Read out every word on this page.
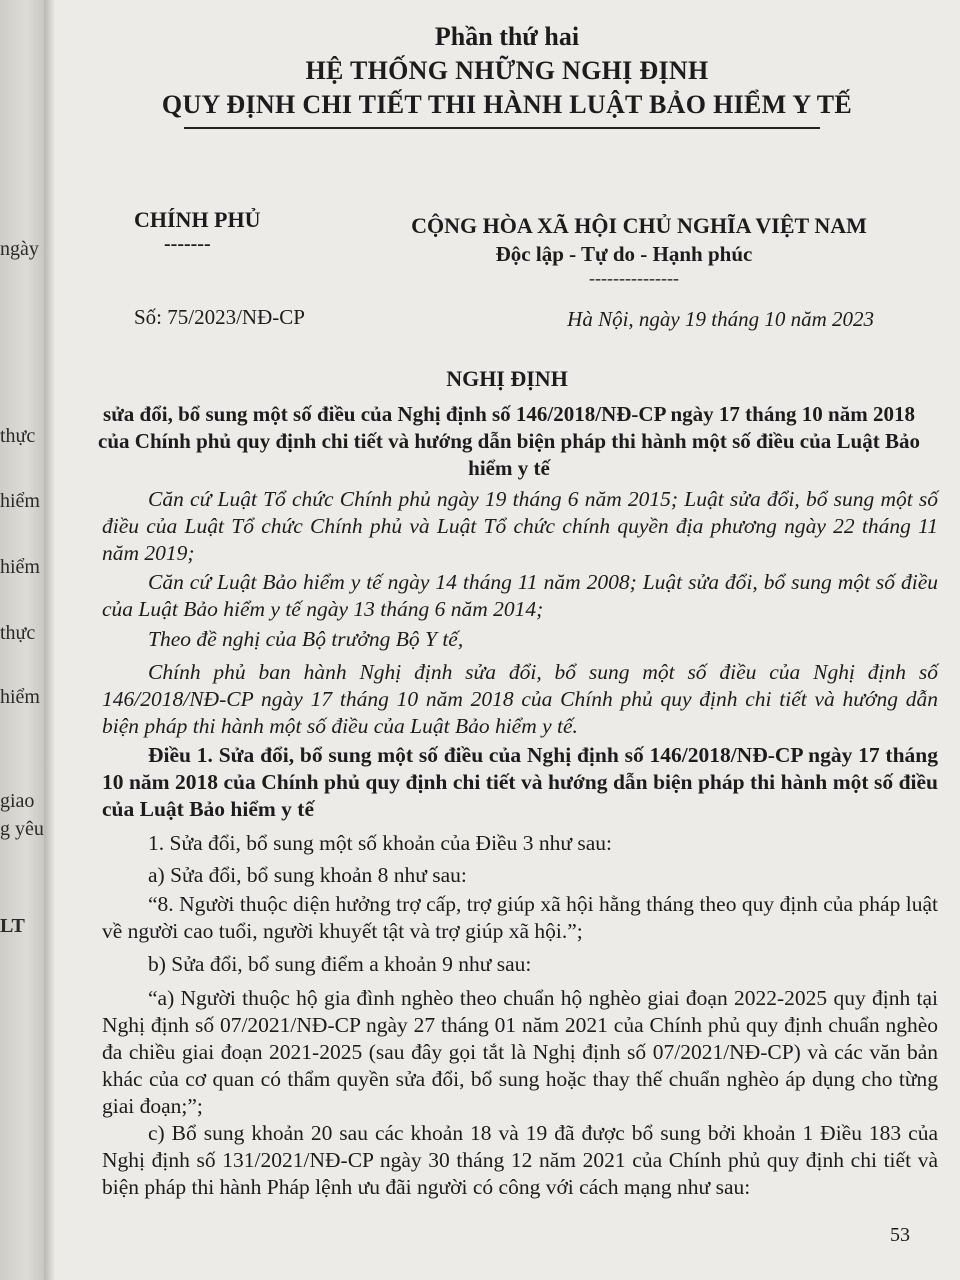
ngày
thực
hiểm
hiểm
thực
hiểm
giao
g yêu
LT
Phần thứ hai
HỆ THỐNG NHỮNG NGHỊ ĐỊNH
QUY ĐỊNH CHI TIẾT THI HÀNH LUẬT BẢO HIỂM Y TẾ
CHÍNH PHỦ
-------
CỘNG HÒA XÃ HỘI CHỦ NGHĨA VIỆT NAM
Độc lập - Tự do - Hạnh phúc
---------------
Số: 75/2023/NĐ-CP	Hà Nội, ngày 19 tháng 10 năm 2023
NGHỊ ĐỊNH
sửa đổi, bổ sung một số điều của Nghị định số 146/2018/NĐ-CP ngày 17 tháng 10 năm 2018 của Chính phủ quy định chi tiết và hướng dẫn biện pháp thi hành một số điều của Luật Bảo hiểm y tế
Căn cứ Luật Tổ chức Chính phủ ngày 19 tháng 6 năm 2015; Luật sửa đổi, bổ sung một số điều của Luật Tổ chức Chính phủ và Luật Tổ chức chính quyền địa phương ngày 22 tháng 11 năm 2019;
Căn cứ Luật Bảo hiểm y tế ngày 14 tháng 11 năm 2008; Luật sửa đổi, bổ sung một số điều của Luật Bảo hiểm y tế ngày 13 tháng 6 năm 2014;
Theo đề nghị của Bộ trưởng Bộ Y tế,
Chính phủ ban hành Nghị định sửa đổi, bổ sung một số điều của Nghị định số 146/2018/NĐ-CP ngày 17 tháng 10 năm 2018 của Chính phủ quy định chi tiết và hướng dẫn biện pháp thi hành một số điều của Luật Bảo hiểm y tế.
Điều 1. Sửa đổi, bổ sung một số điều của Nghị định số 146/2018/NĐ-CP ngày 17 tháng 10 năm 2018 của Chính phủ quy định chi tiết và hướng dẫn biện pháp thi hành một số điều của Luật Bảo hiểm y tế
1. Sửa đổi, bổ sung một số khoản của Điều 3 như sau:
a) Sửa đổi, bổ sung khoản 8 như sau:
“8. Người thuộc diện hưởng trợ cấp, trợ giúp xã hội hằng tháng theo quy định của pháp luật về người cao tuổi, người khuyết tật và trợ giúp xã hội.”;
b) Sửa đổi, bổ sung điểm a khoản 9 như sau:
“a) Người thuộc hộ gia đình nghèo theo chuẩn hộ nghèo giai đoạn 2022-2025 quy định tại Nghị định số 07/2021/NĐ-CP ngày 27 tháng 01 năm 2021 của Chính phủ quy định chuẩn nghèo đa chiều giai đoạn 2021-2025 (sau đây gọi tắt là Nghị định số 07/2021/NĐ-CP) và các văn bản khác của cơ quan có thẩm quyền sửa đổi, bổ sung hoặc thay thế chuẩn nghèo áp dụng cho từng giai đoạn;”;
c) Bổ sung khoản 20 sau các khoản 18 và 19 đã được bổ sung bởi khoản 1 Điều 183 của Nghị định số 131/2021/NĐ-CP ngày 30 tháng 12 năm 2021 của Chính phủ quy định chi tiết và biện pháp thi hành Pháp lệnh ưu đãi người có công với cách mạng như sau:
53
